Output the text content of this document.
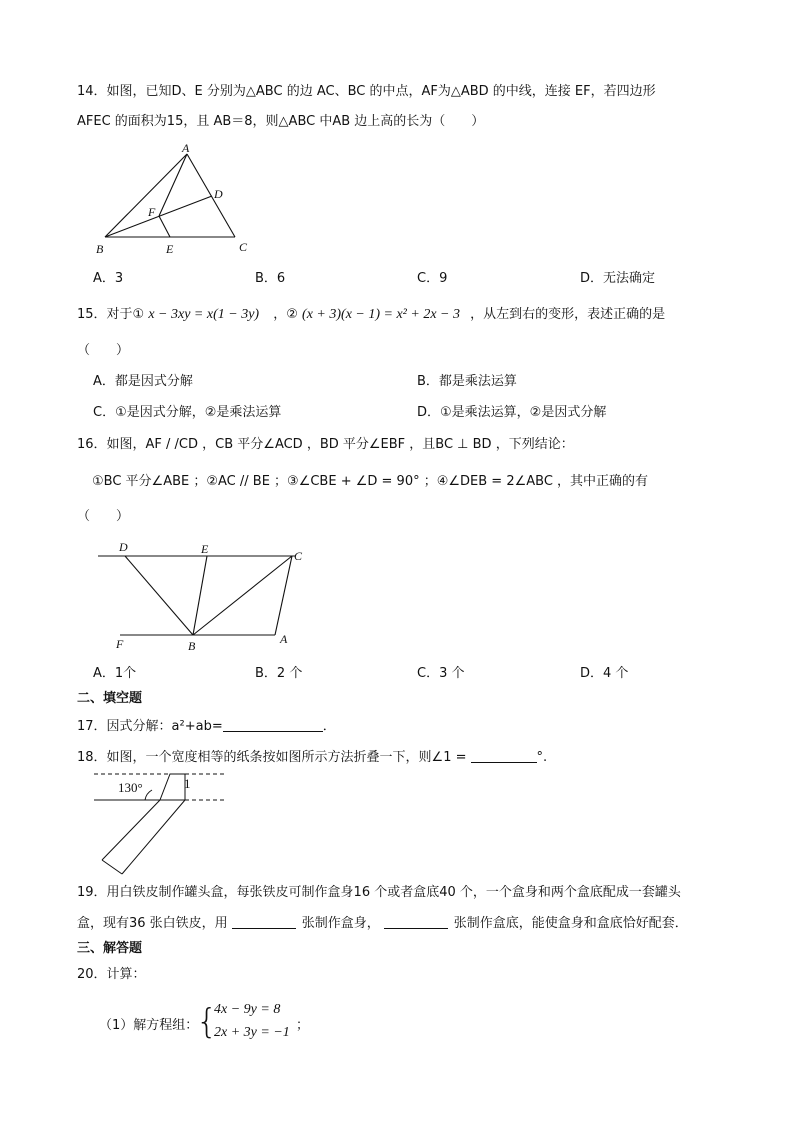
14．如图，已知D、E 分别为△ABC 的边 AC、BC 的中点，AF为△ABD 的中线，连接 EF，若四边形
AFEC 的面积为15，且 AB＝8，则△ABC 中AB 边上高的长为（　　）
A
B	C
D
E
F
A．3	B．6	C．9	D．无法确定
15．对于① x − 3xy = x(1 − 3y) ，② (x + 3)(x − 1) = x² + 2x − 3 ，从左到右的变形，表述正确的是
（　　）
A．都是因式分解	B．都是乘法运算
C．①是因式分解，②是乘法运算	D．①是乘法运算，②是因式分解
16．如图，AF / /CD ，CB 平分∠ACD ，BD 平分∠EBF ，且BC ⊥ BD ，下列结论：
①BC 平分∠ABE ；②AC // BE ；③∠CBE + ∠D = 90° ；④∠DEB = 2∠ABC ，其中正确的有
（　　）
D	E	C
F	B	A
A．1个	B．2 个	C．3 个	D．4 个
二、填空题
17．因式分解：a²+ab=	．
18．如图，一个宽度相等的纸条按如图所示方法折叠一下，则∠1 =	°.
130°	1
19．用白铁皮制作罐头盒，每张铁皮可制作盒身16 个或者盒底40 个，一个盒身和两个盒底配成一套罐头
盒，现有36 张白铁皮，用	张制作盒身，	张制作盒底，能使盒身和盒底恰好配套．
三、解答题
20．计算：
（1）解方程组：
{
4x − 9y = 8
2x + 3y = −1 ；
